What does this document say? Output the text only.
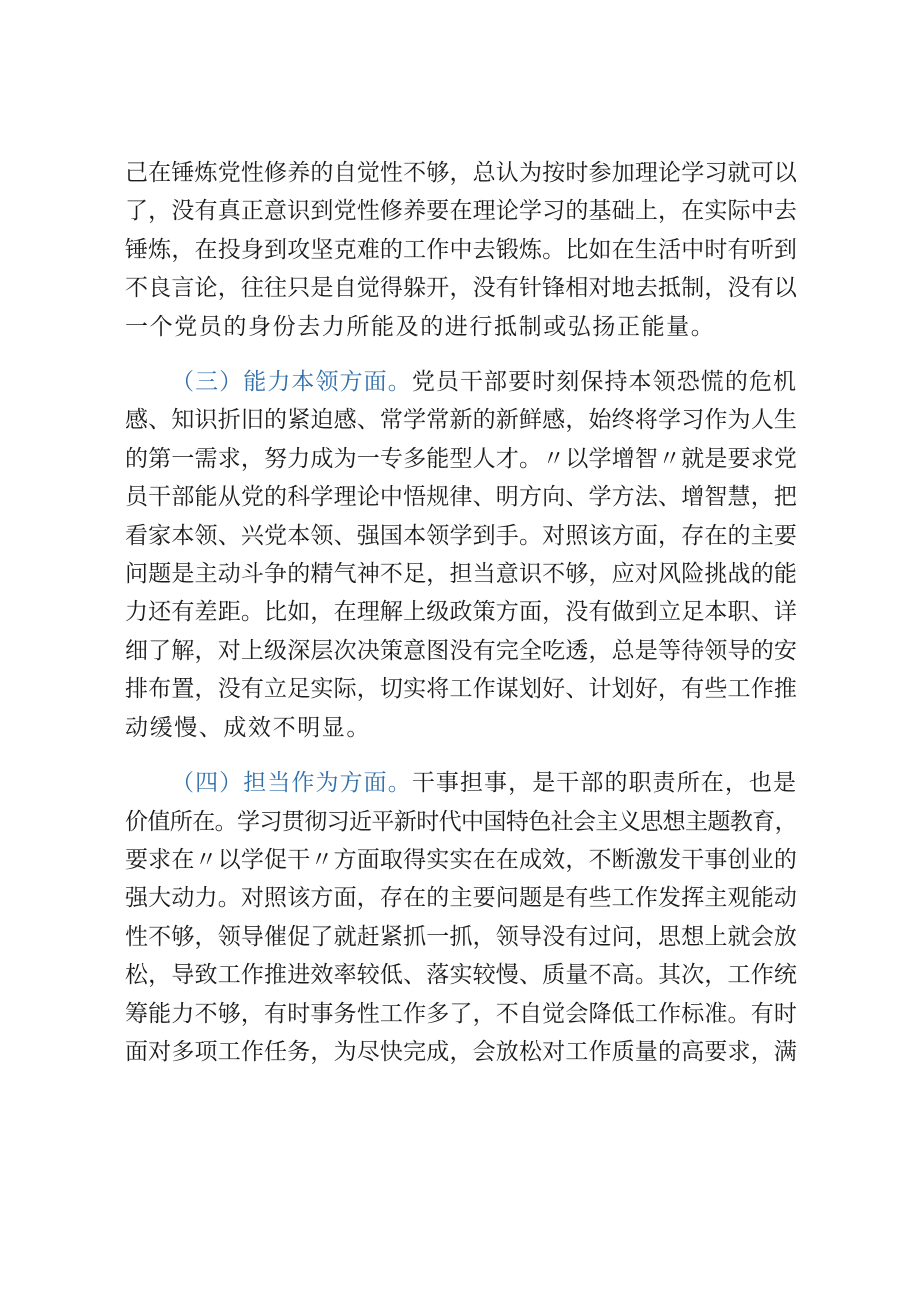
己在锤炼党性修养的自觉性不够，总认为按时参加理论学习就可以
了，没有真正意识到党性修养要在理论学习的基础上，在实际中去
锤炼，在投身到攻坚克难的工作中去锻炼。比如在生活中时有听到
不良言论，往往只是自觉得躲开，没有针锋相对地去抵制，没有以
一个党员的身份去力所能及的进行抵制或弘扬正能量。
（三）能力本领方面。党员干部要时刻保持本领恐慌的危机
感、知识折旧的紧迫感、常学常新的新鲜感，始终将学习作为人生
的第一需求，努力成为一专多能型人才。〃以学增智〃就是要求党
员干部能从党的科学理论中悟规律、明方向、学方法、增智慧，把
看家本领、兴党本领、强国本领学到手。对照该方面，存在的主要
问题是主动斗争的精气神不足，担当意识不够，应对风险挑战的能
力还有差距。比如，在理解上级政策方面，没有做到立足本职、详
细了解，对上级深层次决策意图没有完全吃透，总是等待领导的安
排布置，没有立足实际，切实将工作谋划好、计划好，有些工作推
动缓慢、成效不明显。
（四）担当作为方面。干事担事，是干部的职责所在，也是
价值所在。学习贯彻习近平新时代中国特色社会主义思想主题教育，
要求在〃以学促干〃方面取得实实在在成效，不断激发干事创业的
强大动力。对照该方面，存在的主要问题是有些工作发挥主观能动
性不够，领导催促了就赶紧抓一抓，领导没有过问，思想上就会放
松，导致工作推进效率较低、落实较慢、质量不高。其次，工作统
筹能力不够，有时事务性工作多了，不自觉会降低工作标准。有时
面对多项工作任务，为尽快完成，会放松对工作质量的高要求，满
